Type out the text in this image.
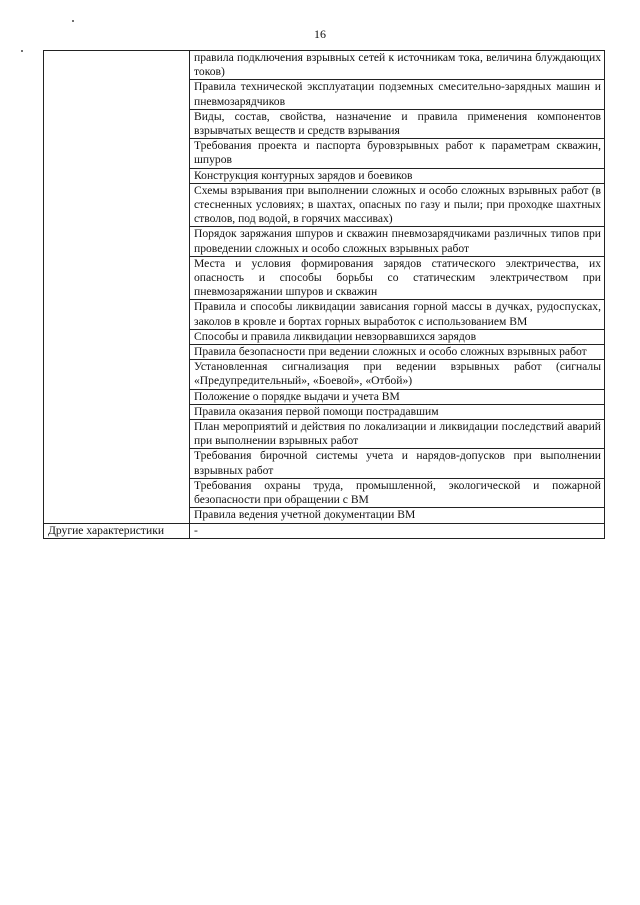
16
	правила подключения взрывных сетей к источникам тока, величина блуждающих токов)
	Правила технической эксплуатации подземных смесительно-зарядных машин и пневмозарядчиков
	Виды, состав, свойства, назначение и правила применения компонентов взрывчатых веществ и средств взрывания
	Требования проекта и паспорта буровзрывных работ к параметрам скважин, шпуров
	Конструкция контурных зарядов и боевиков
	Схемы взрывания при выполнении сложных и особо сложных взрывных работ (в стесненных условиях; в шахтах, опасных по газу и пыли; при проходке шахтных стволов, под водой, в горячих массивах)
	Порядок заряжания шпуров и скважин пневмозарядчиками различных типов при проведении сложных и особо сложных взрывных работ
	Места и условия формирования зарядов статического электричества, их опасность и способы борьбы со статическим электричеством при пневмозаряжании шпуров и скважин
	Правила и способы ликвидации зависания горной массы в дучках, рудоспусках, заколов в кровле и бортах горных выработок с использованием ВМ
	Способы и правила ликвидации невзорвавшихся зарядов
	Правила безопасности при ведении сложных и особо сложных взрывных работ
	Установленная сигнализация при ведении взрывных работ (сигналы «Предупредительный», «Боевой», «Отбой»)
	Положение о порядке выдачи и учета ВМ
	Правила оказания первой помощи пострадавшим
	План мероприятий и действия по локализации и ликвидации последствий аварий при выполнении взрывных работ
	Требования бирочной системы учета и нарядов-допусков при выполнении взрывных работ
	Требования охраны труда, промышленной, экологической и пожарной безопасности при обращении с ВМ
	Правила ведения учетной документации ВМ
Другие характеристики	-
